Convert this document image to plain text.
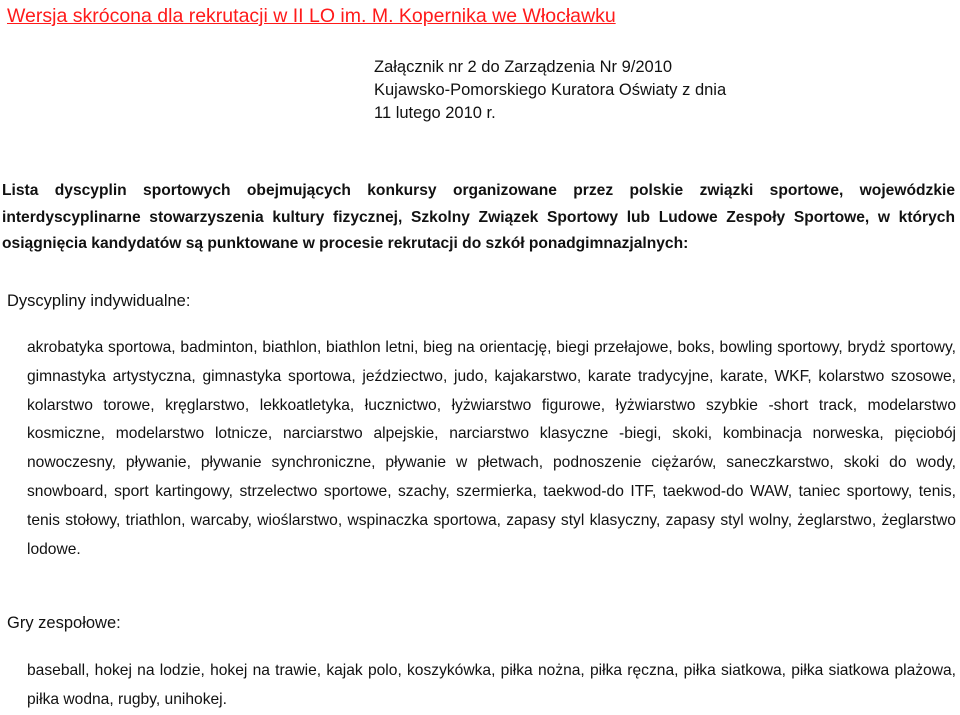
Wersja skrócona dla rekrutacji w II LO im. M. Kopernika we Włocławku
Załącznik nr 2 do Zarządzenia Nr 9/2010
Kujawsko-Pomorskiego Kuratora Oświaty z dnia
11 lutego 2010 r.
Lista dyscyplin sportowych obejmujących konkursy organizowane przez polskie związki sportowe, wojewódzkie interdyscyplinarne stowarzyszenia kultury fizycznej, Szkolny Związek Sportowy lub Ludowe Zespoły Sportowe, w których osiągnięcia kandydatów są punktowane w procesie rekrutacji do szkół ponadgimnazjalnych:
Dyscypliny indywidualne:
akrobatyka sportowa, badminton, biathlon, biathlon letni, bieg na orientację, biegi przełajowe, boks, bowling sportowy, brydż sportowy, gimnastyka artystyczna, gimnastyka sportowa, jeździectwo, judo, kajakarstwo, karate tradycyjne, karate, WKF, kolarstwo szosowe, kolarstwo torowe, kręglarstwo, lekkoatletyka, łucznictwo, łyżwiarstwo figurowe, łyżwiarstwo szybkie -short track, modelarstwo kosmiczne, modelarstwo lotnicze, narciarstwo alpejskie, narciarstwo klasyczne -biegi, skoki, kombinacja norweska, pięciobój nowoczesny, pływanie, pływanie synchroniczne, pływanie w płetwach, podnoszenie ciężarów, saneczkarstwo, skoki do wody, snowboard, sport kartingowy, strzelectwo sportowe, szachy, szermierka, taekwod-do ITF, taekwod-do WAW, taniec sportowy, tenis, tenis stołowy, triathlon, warcaby, wioślarstwo, wspinaczka sportowa, zapasy styl klasyczny, zapasy styl wolny, żeglarstwo, żeglarstwo lodowe.
Gry zespołowe:
baseball, hokej na lodzie, hokej na trawie, kajak polo, koszykówka, piłka nożna, piłka ręczna, piłka siatkowa, piłka siatkowa plażowa, piłka wodna, rugby, unihokej.
